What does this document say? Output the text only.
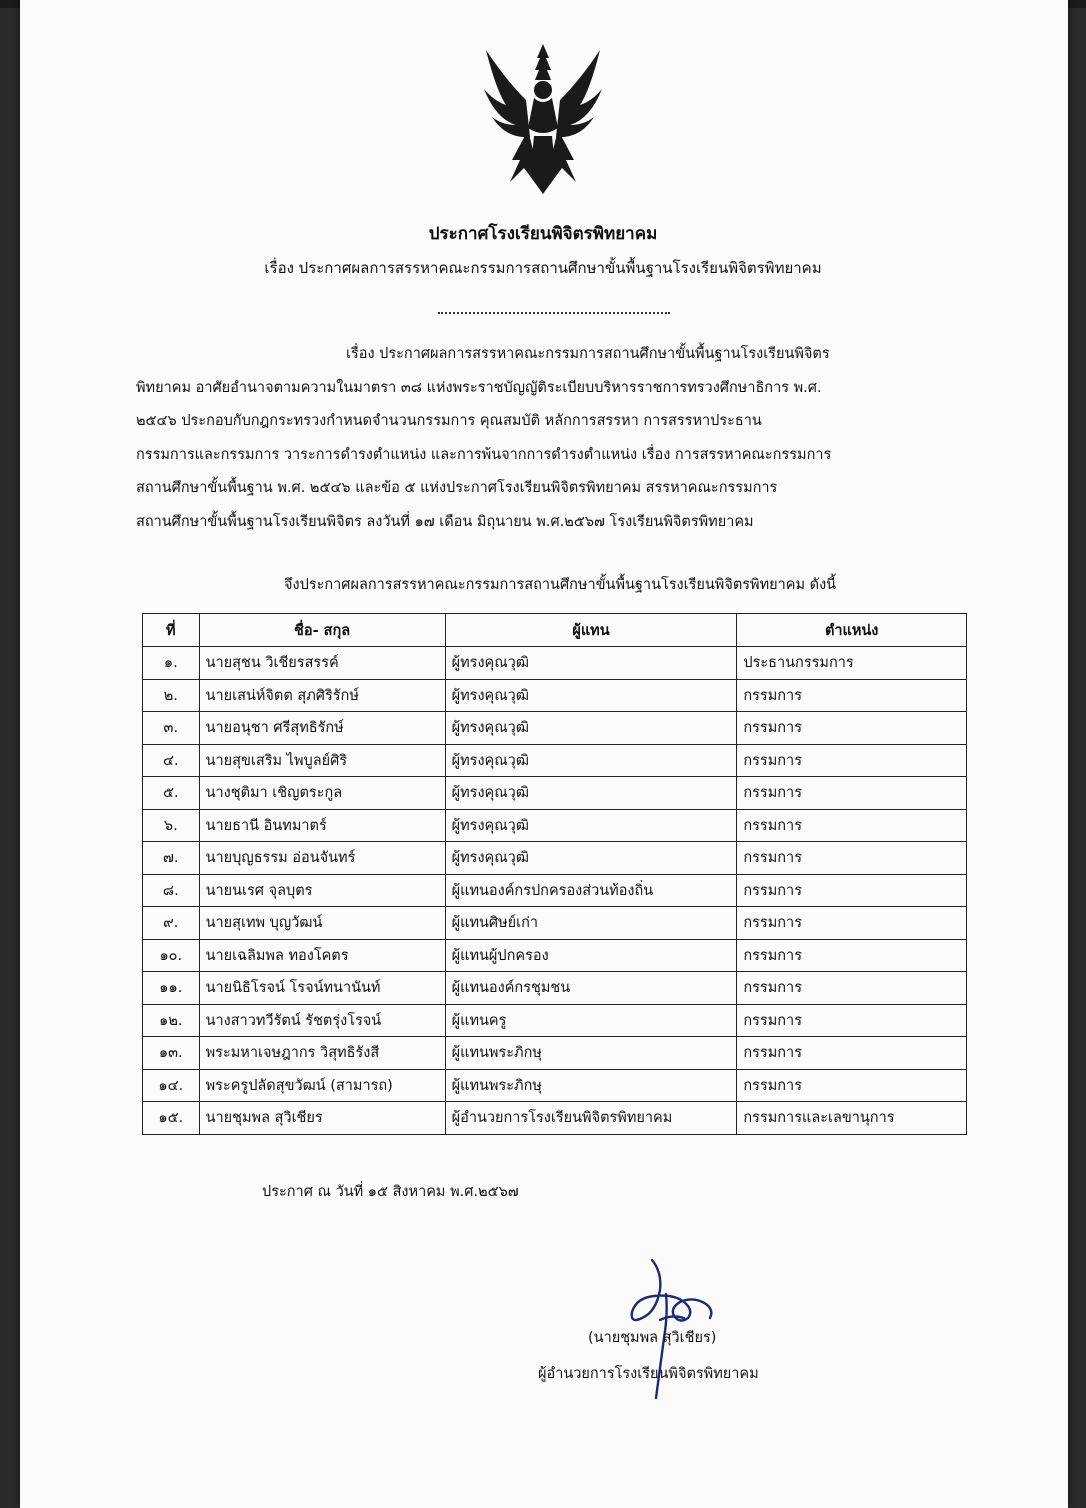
ประกาศโรงเรียนพิจิตรพิทยาคม
เรื่อง ประกาศผลการสรรหาคณะกรรมการสถานศึกษาขั้นพื้นฐานโรงเรียนพิจิตรพิทยาคม
เรื่อง ประกาศผลการสรรหาคณะกรรมการสถานศึกษาขั้นพื้นฐานโรงเรียนพิจิตร
พิทยาคม อาศัยอำนาจตามความในมาตรา ๓๘ แห่งพระราชบัญญัติระเบียบบริหารราชการทรวงศึกษาธิการ พ.ศ.
๒๕๔๖ ประกอบกับกฎกระทรวงกำหนดจำนวนกรรมการ คุณสมบัติ หลักการสรรหา การสรรหาประธาน
กรรมการและกรรมการ วาระการดำรงตำแหน่ง และการพ้นจากการดำรงตำแหน่ง เรื่อง การสรรหาคณะกรรมการ
สถานศึกษาขั้นพื้นฐาน พ.ศ. ๒๕๔๖ และข้อ ๕ แห่งประกาศโรงเรียนพิจิตรพิทยาคม สรรหาคณะกรรมการ
สถานศึกษาขั้นพื้นฐานโรงเรียนพิจิตร ลงวันที่ ๑๗ เดือน มิถุนายน พ.ศ.๒๕๖๗ โรงเรียนพิจิตรพิทยาคม
จึงประกาศผลการสรรหาคณะกรรมการสถานศึกษาขั้นพื้นฐานโรงเรียนพิจิตรพิทยาคม ดังนี้
ที่	ชื่อ- สกุล	ผู้แทน	ตำแหน่ง
๑.	นายสุชน วิเชียรสรรค์	ผู้ทรงคุณวุฒิ	ประธานกรรมการ
๒.	นายเสน่ห์จิตต สุภศิริรักษ์	ผู้ทรงคุณวุฒิ	กรรมการ
๓.	นายอนุชา ศรีสุทธิรักษ์	ผู้ทรงคุณวุฒิ	กรรมการ
๔.	นายสุขเสริม ไพบูลย์ศิริ	ผู้ทรงคุณวุฒิ	กรรมการ
๕.	นางชุติมา เชิญตระกูล	ผู้ทรงคุณวุฒิ	กรรมการ
๖.	นายธานี อินทมาตร์	ผู้ทรงคุณวุฒิ	กรรมการ
๗.	นายบุญธรรม อ่อนจันทร์	ผู้ทรงคุณวุฒิ	กรรมการ
๘.	นายนเรศ จุลบุตร	ผู้แทนองค์กรปกครองส่วนท้องถิ่น	กรรมการ
๙.	นายสุเทพ บุญวัฒน์	ผู้แทนศิษย์เก่า	กรรมการ
๑๐.	นายเฉลิมพล ทองโคตร	ผู้แทนผู้ปกครอง	กรรมการ
๑๑.	นายนิธิโรจน์ โรจน์ทนานันท์	ผู้แทนองค์กรชุมชน	กรรมการ
๑๒.	นางสาวทวีรัตน์ รัชตรุ่งโรจน์	ผู้แทนครู	กรรมการ
๑๓.	พระมหาเจษฎากร วิสุทธิรังสี	ผู้แทนพระภิกษุ	กรรมการ
๑๔.	พระครูปลัดสุขวัฒน์ (สามารถ)	ผู้แทนพระภิกษุ	กรรมการ
๑๕.	นายชุมพล สุวิเชียร	ผู้อำนวยการโรงเรียนพิจิตรพิทยาคม	กรรมการและเลขานุการ
ประกาศ ณ วันที่ ๑๕ สิงหาคม พ.ศ.๒๕๖๗
(นายชุมพล สุวิเชียร)
ผู้อำนวยการโรงเรียนพิจิตรพิทยาคม
